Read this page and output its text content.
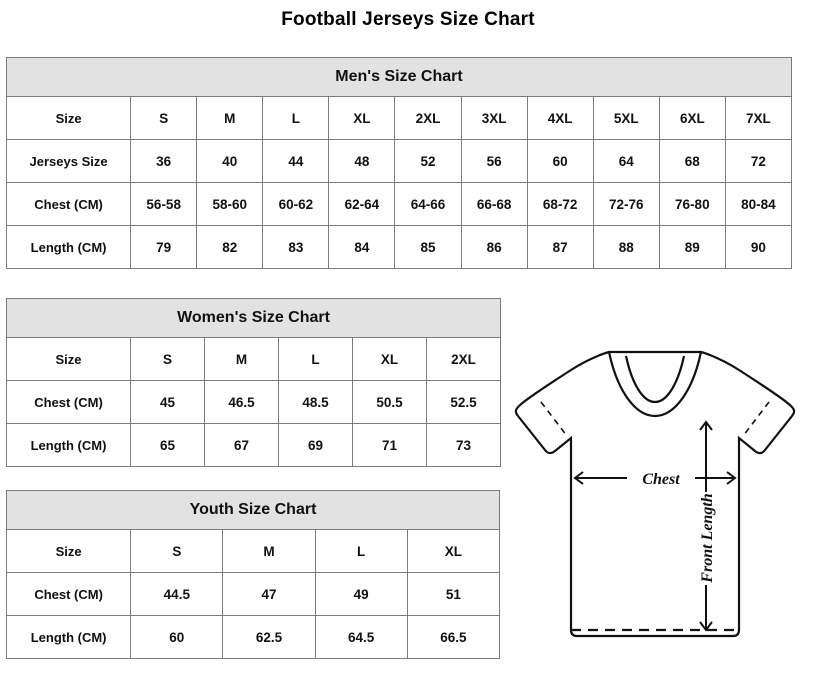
Football Jerseys Size Chart
Men's Size Chart										
Size	S	M	L	XL	2XL	3XL	4XL	5XL	6XL	7XL
Jerseys Size	36	40	44	48	52	56	60	64	68	72
Chest (CM)	56-58	58-60	60-62	62-64	64-66	66-68	68-72	72-76	76-80	80-84
Length (CM)	79	82	83	84	85	86	87	88	89	90
Women's Size Chart					
Size	S	M	L	XL	2XL
Chest (CM)	45	46.5	48.5	50.5	52.5
Length (CM)	65	67	69	71	73
Youth Size Chart				
Size	S	M	L	XL
Chest (CM)	44.5	47	49	51
Length (CM)	60	62.5	64.5	66.5
Chest
Front Length
